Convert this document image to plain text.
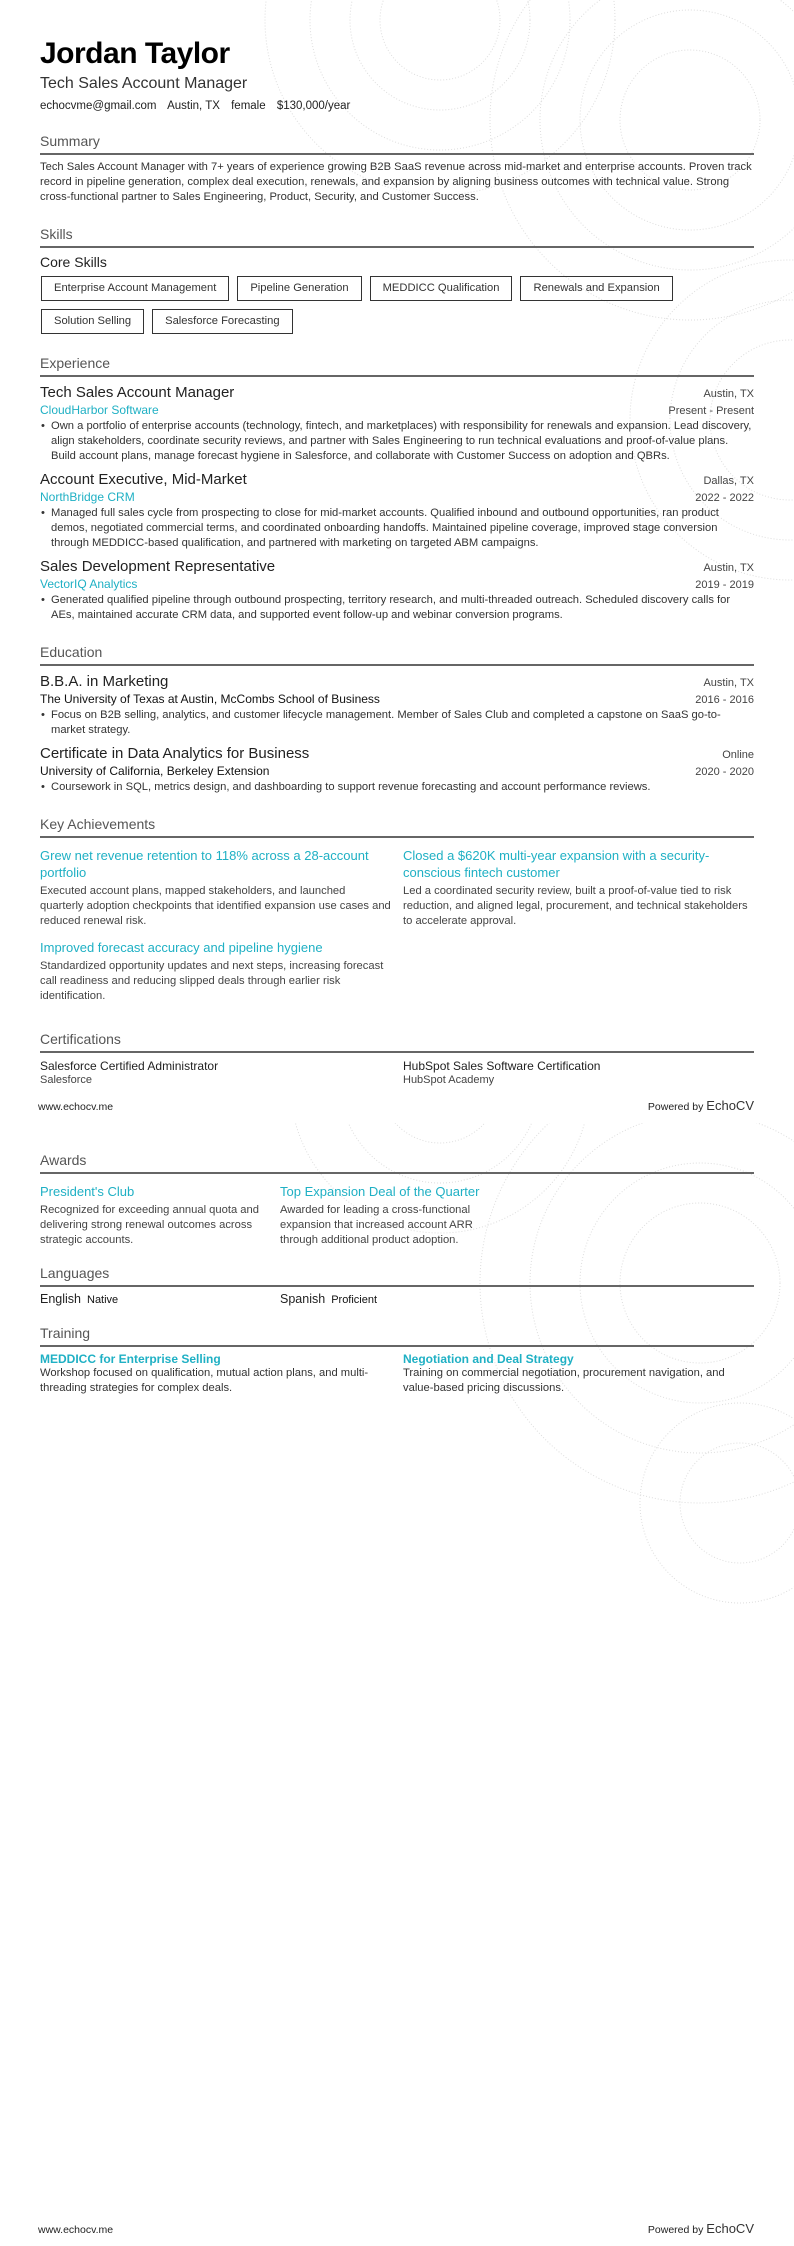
Jordan Taylor
Tech Sales Account Manager
echocvme@gmail.com Austin, TX female $130,000/year
Summary
Tech Sales Account Manager with 7+ years of experience growing B2B SaaS revenue across mid-market and enterprise accounts. Proven track record in pipeline generation, complex deal execution, renewals, and expansion by aligning business outcomes with technical value. Strong cross-functional partner to Sales Engineering, Product, Security, and Customer Success.
Skills
Core Skills
Enterprise Account Management	Pipeline Generation	MEDDICC Qualification	Renewals and Expansion
Solution Selling	Salesforce Forecasting
Experience
Tech Sales Account Manager	Austin, TX
CloudHarbor Software	Present - Present
• Own a portfolio of enterprise accounts (technology, fintech, and marketplaces) with responsibility for renewals and expansion. Lead discovery, align stakeholders, coordinate security reviews, and partner with Sales Engineering to run technical evaluations and proof-of-value plans. Build account plans, manage forecast hygiene in Salesforce, and collaborate with Customer Success on adoption and QBRs.
Account Executive, Mid-Market	Dallas, TX
NorthBridge CRM	2022 - 2022
• Managed full sales cycle from prospecting to close for mid-market accounts. Qualified inbound and outbound opportunities, ran product demos, negotiated commercial terms, and coordinated onboarding handoffs. Maintained pipeline coverage, improved stage conversion through MEDDICC-based qualification, and partnered with marketing on targeted ABM campaigns.
Sales Development Representative	Austin, TX
VectorIQ Analytics	2019 - 2019
• Generated qualified pipeline through outbound prospecting, territory research, and multi-threaded outreach. Scheduled discovery calls for AEs, maintained accurate CRM data, and supported event follow-up and webinar conversion programs.
Education
B.B.A. in Marketing	Austin, TX
The University of Texas at Austin, McCombs School of Business	2016 - 2016
• Focus on B2B selling, analytics, and customer lifecycle management. Member of Sales Club and completed a capstone on SaaS go-to-market strategy.
Certificate in Data Analytics for Business	Online
University of California, Berkeley Extension	2020 - 2020
• Coursework in SQL, metrics design, and dashboarding to support revenue forecasting and account performance reviews.
Key Achievements
Grew net revenue retention to 118% across a 28-account portfolio
Executed account plans, mapped stakeholders, and launched quarterly adoption checkpoints that identified expansion use cases and reduced renewal risk.
Closed a $620K multi-year expansion with a security-conscious fintech customer
Led a coordinated security review, built a proof-of-value tied to risk reduction, and aligned legal, procurement, and technical stakeholders to accelerate approval.
Improved forecast accuracy and pipeline hygiene
Standardized opportunity updates and next steps, increasing forecast call readiness and reducing slipped deals through earlier risk identification.
Certifications
Salesforce Certified Administrator
Salesforce
HubSpot Sales Software Certification
HubSpot Academy
www.echocv.me	Powered by EchoCV
Awards
President's Club
Recognized for exceeding annual quota and delivering strong renewal outcomes across strategic accounts.
Top Expansion Deal of the Quarter
Awarded for leading a cross-functional expansion that increased account ARR through additional product adoption.
Languages
English Native	Spanish Proficient
Training
MEDDICC for Enterprise Selling
Workshop focused on qualification, mutual action plans, and multi-threading strategies for complex deals.
Negotiation and Deal Strategy
Training on commercial negotiation, procurement navigation, and value-based pricing discussions.
www.echocv.me	Powered by EchoCV
